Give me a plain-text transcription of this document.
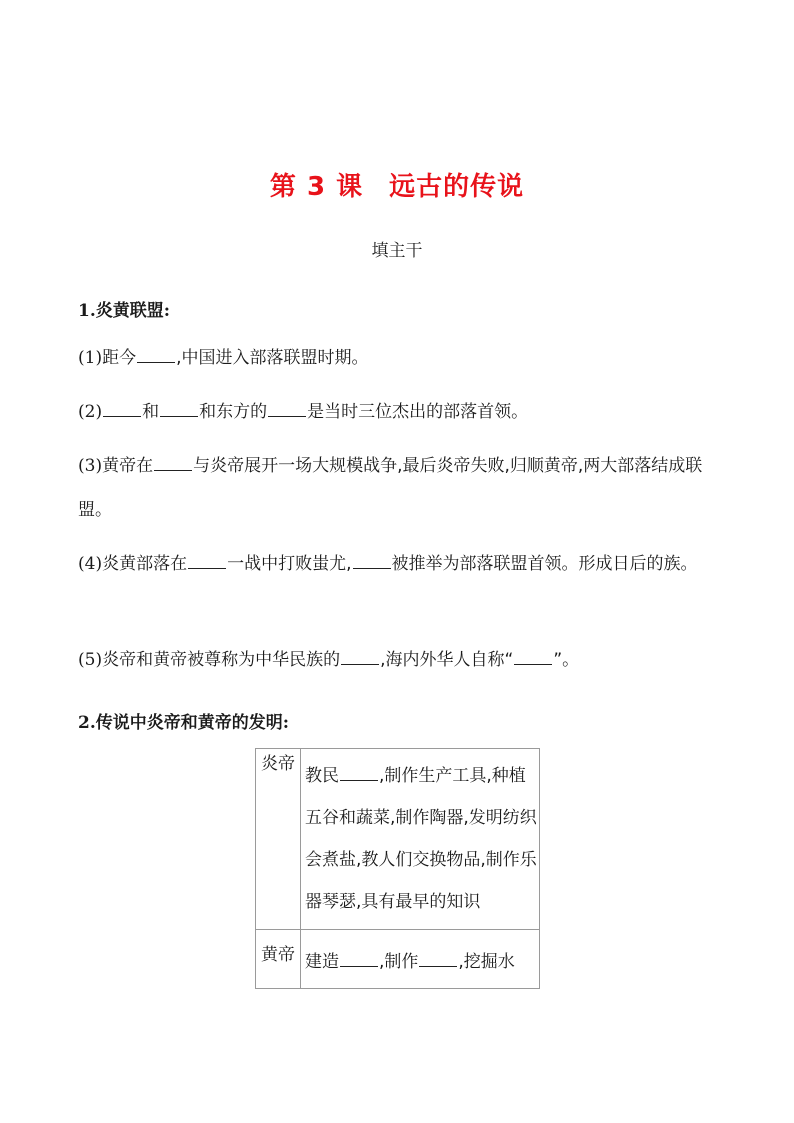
第 3 课 远古的传说
填主干
1.炎黄联盟:
(1)距今 ,中国进入部落联盟时期。
(2) 和 和东方的 是当时三位杰出的部落首领。
(3)黄帝在 与炎帝展开一场大规模战争,最后炎帝失败,归顺黄帝,两大部落结成联盟。
(4)炎黄部落在 一战中打败蚩尤, 被推举为部落联盟首领。形成日后的族。
(5)炎帝和黄帝被尊称为中华民族的 ,海内外华人自称“ ”。
2.传说中炎帝和黄帝的发明:
炎帝	教民 ,制作生产工具,种植五谷和蔬菜,制作陶器,发明纺织会煮盐,教人们交换物品,制作乐器琴瑟,具有最早的知识
黄帝	建造 ,制作 ,挖掘水
